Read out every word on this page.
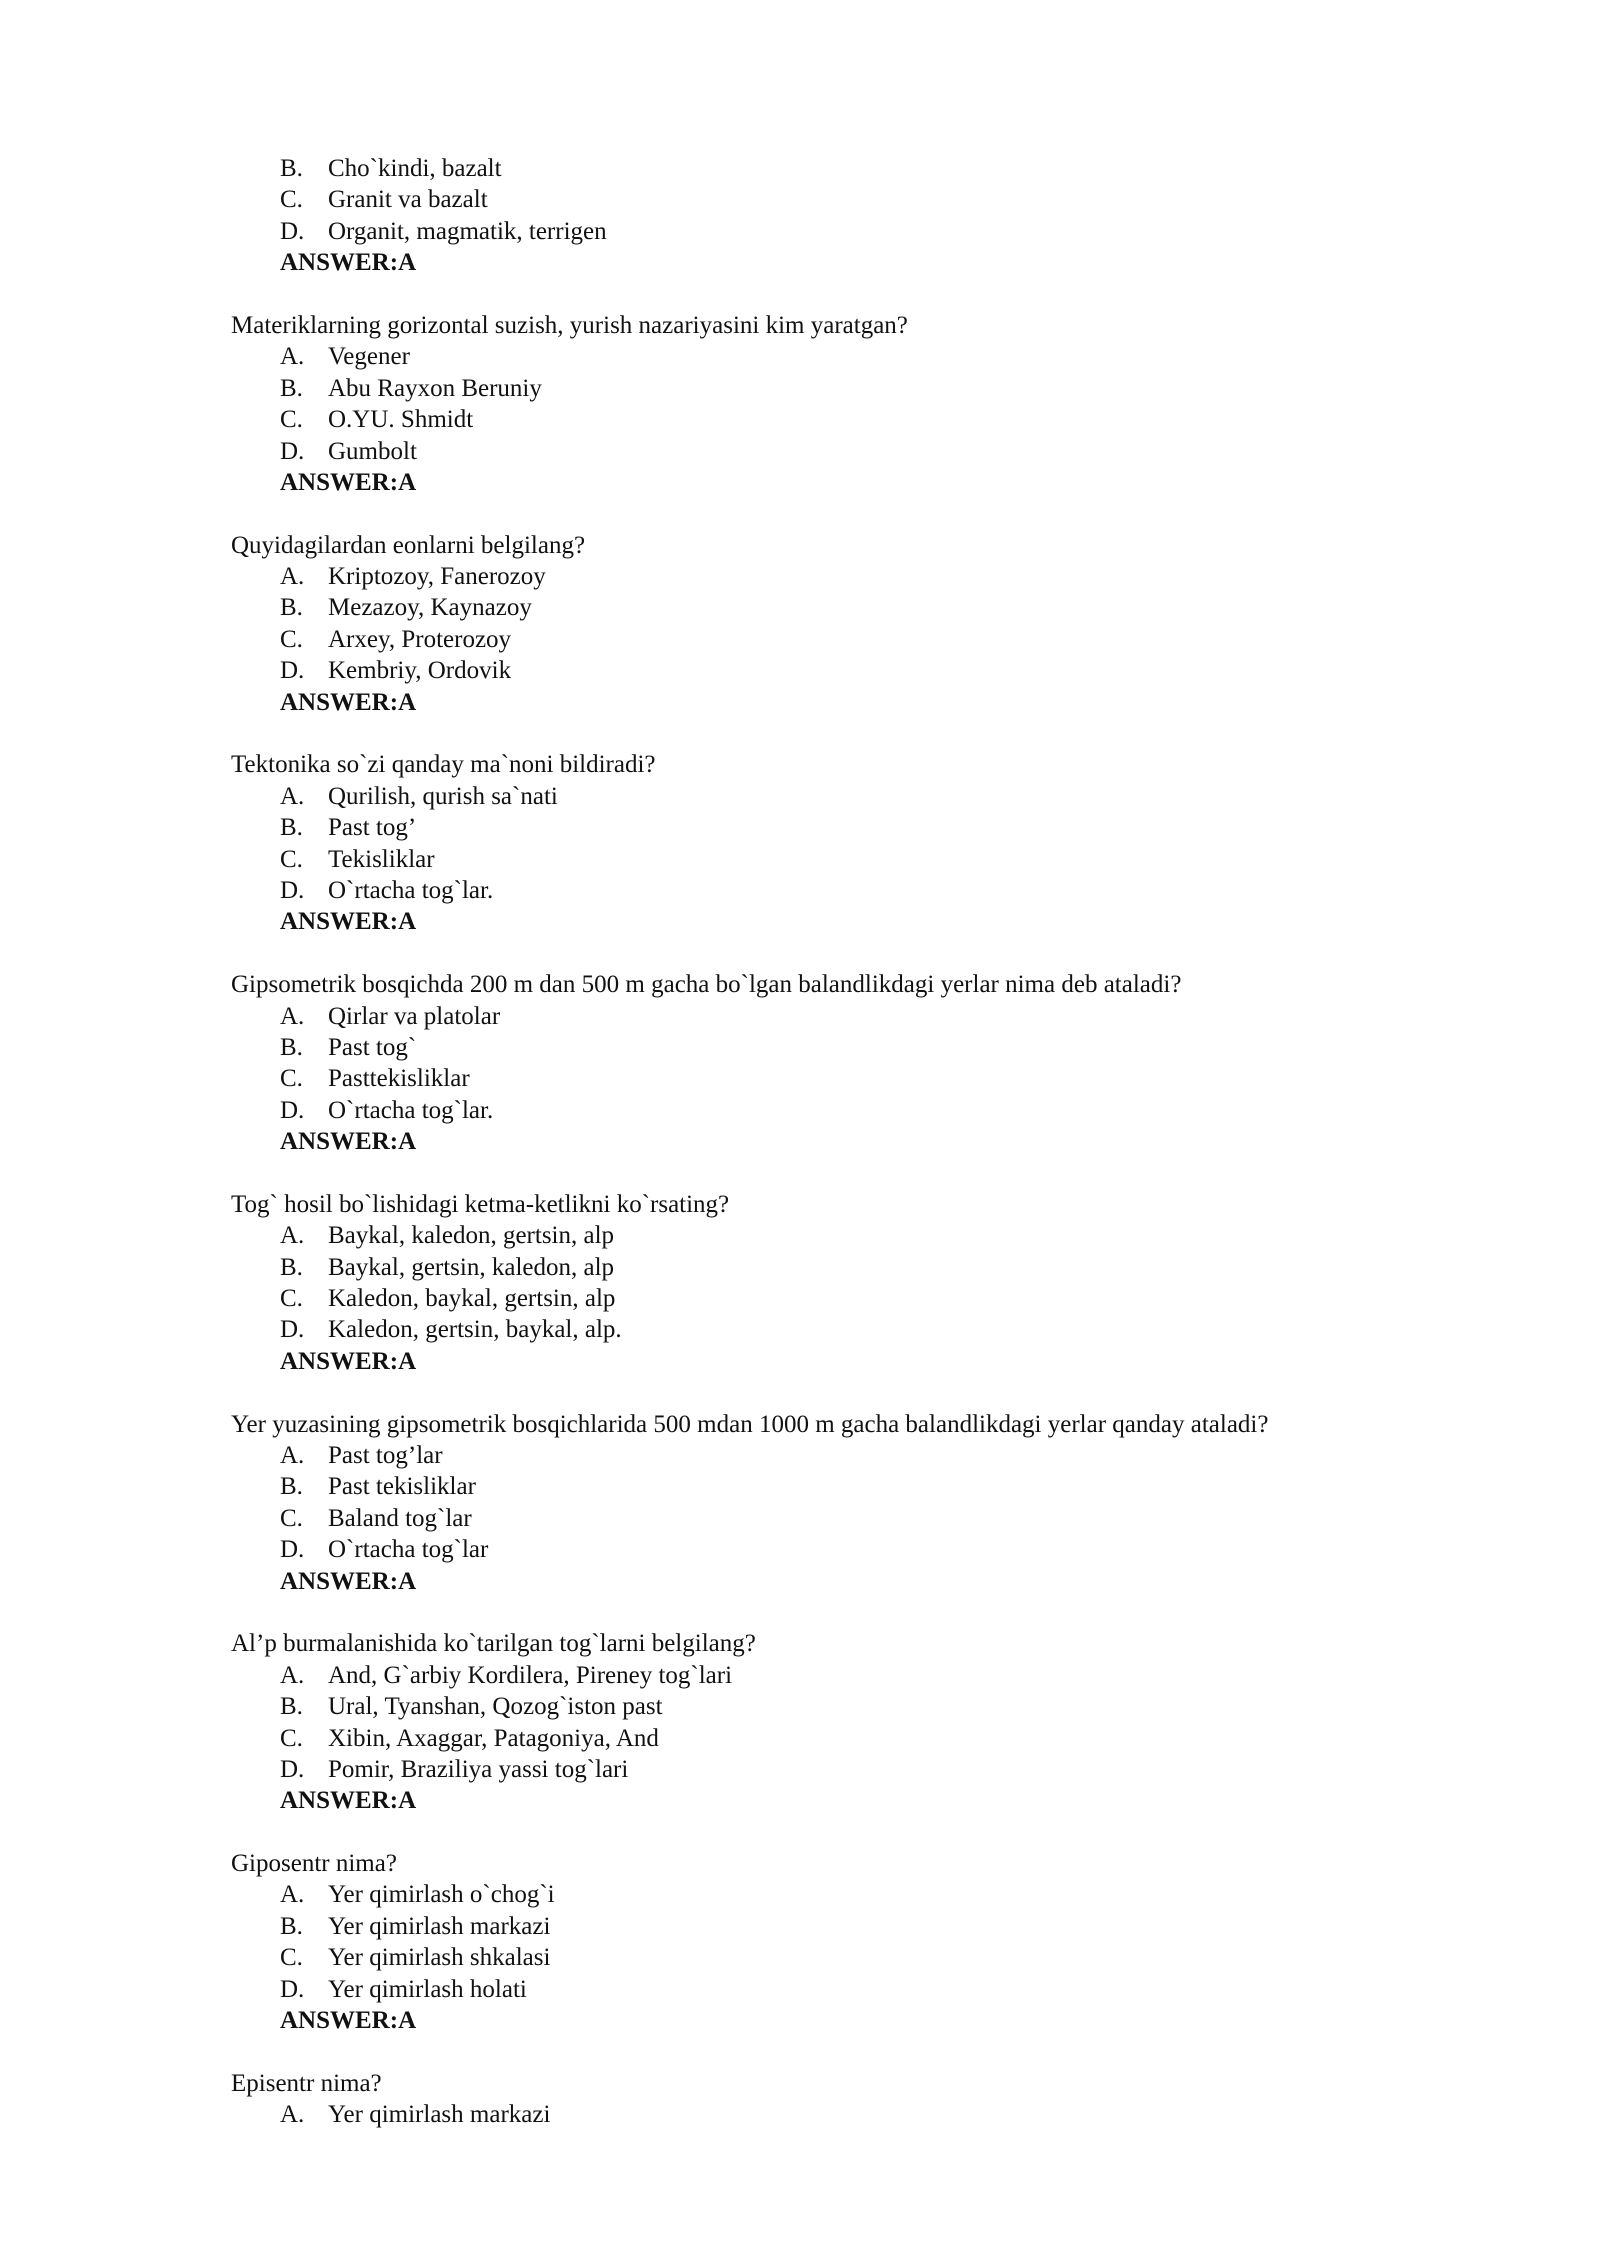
B.	Cho`kindi, bazalt
C.	Granit va bazalt
D. Organit, magmatik, terrigen
ANSWER:A
Materiklarning gorizontal suzish, yurish nazariyasini kim yaratgan?
A. Vegener
B.	Abu Rayxon Beruniy
C.	O.YU. Shmidt
D. Gumbolt
ANSWER:A
Quyidagilardan eonlarni belgilang?
A. Kriptozoy, Fanerozoy
B.	Mezazoy, Kaynazoy
C.	Arxey, Proterozoy
D. Kembriy, Ordovik
ANSWER:A
Tektonika so`zi qanday ma`noni bildiradi?
A. Qurilish, qurish sa`nati
B.	Past tog’
C.	Tekisliklar
D. O`rtacha tog`lar.
ANSWER:A
Gipsometrik bosqichda 200 m dan 500 m gacha bo`lgan balandlikdagi yerlar nima deb ataladi?
A. Qirlar va platolar
B.	Past tog`
C.	Pasttekisliklar
D. O`rtacha tog`lar.
ANSWER:A
Tog` hosil bo`lishidagi ketma-ketlikni ko`rsating?
A. Baykal, kaledon, gertsin, alp
B.	Baykal, gertsin, kaledon, alp
C.	Kaledon, baykal, gertsin, alp
D. Kaledon, gertsin, baykal, alp.
ANSWER:A
Yer yuzasining gipsometrik bosqichlarida 500 mdan 1000 m gacha balandlikdagi yerlar qanday ataladi?
A. Past tog’lar
B.	Past tekisliklar
C.	Baland tog`lar
D. O`rtacha tog`lar
ANSWER:A
Al’p burmalanishida ko`tarilgan tog`larni belgilang?
A. And, G`arbiy Kordilera, Pireney tog`lari
B.	Ural, Tyanshan, Qozog`iston past
C.	Xibin, Axaggar, Patagoniya, And
D. Pomir, Braziliya yassi tog`lari
ANSWER:A
Giposentr nima?
A. Yer qimirlash o`chog`i
B.	Yer qimirlash markazi
C.	Yer qimirlash shkalasi
D. Yer qimirlash holati
ANSWER:A
Episentr nima?
A. Yer qimirlash markazi
